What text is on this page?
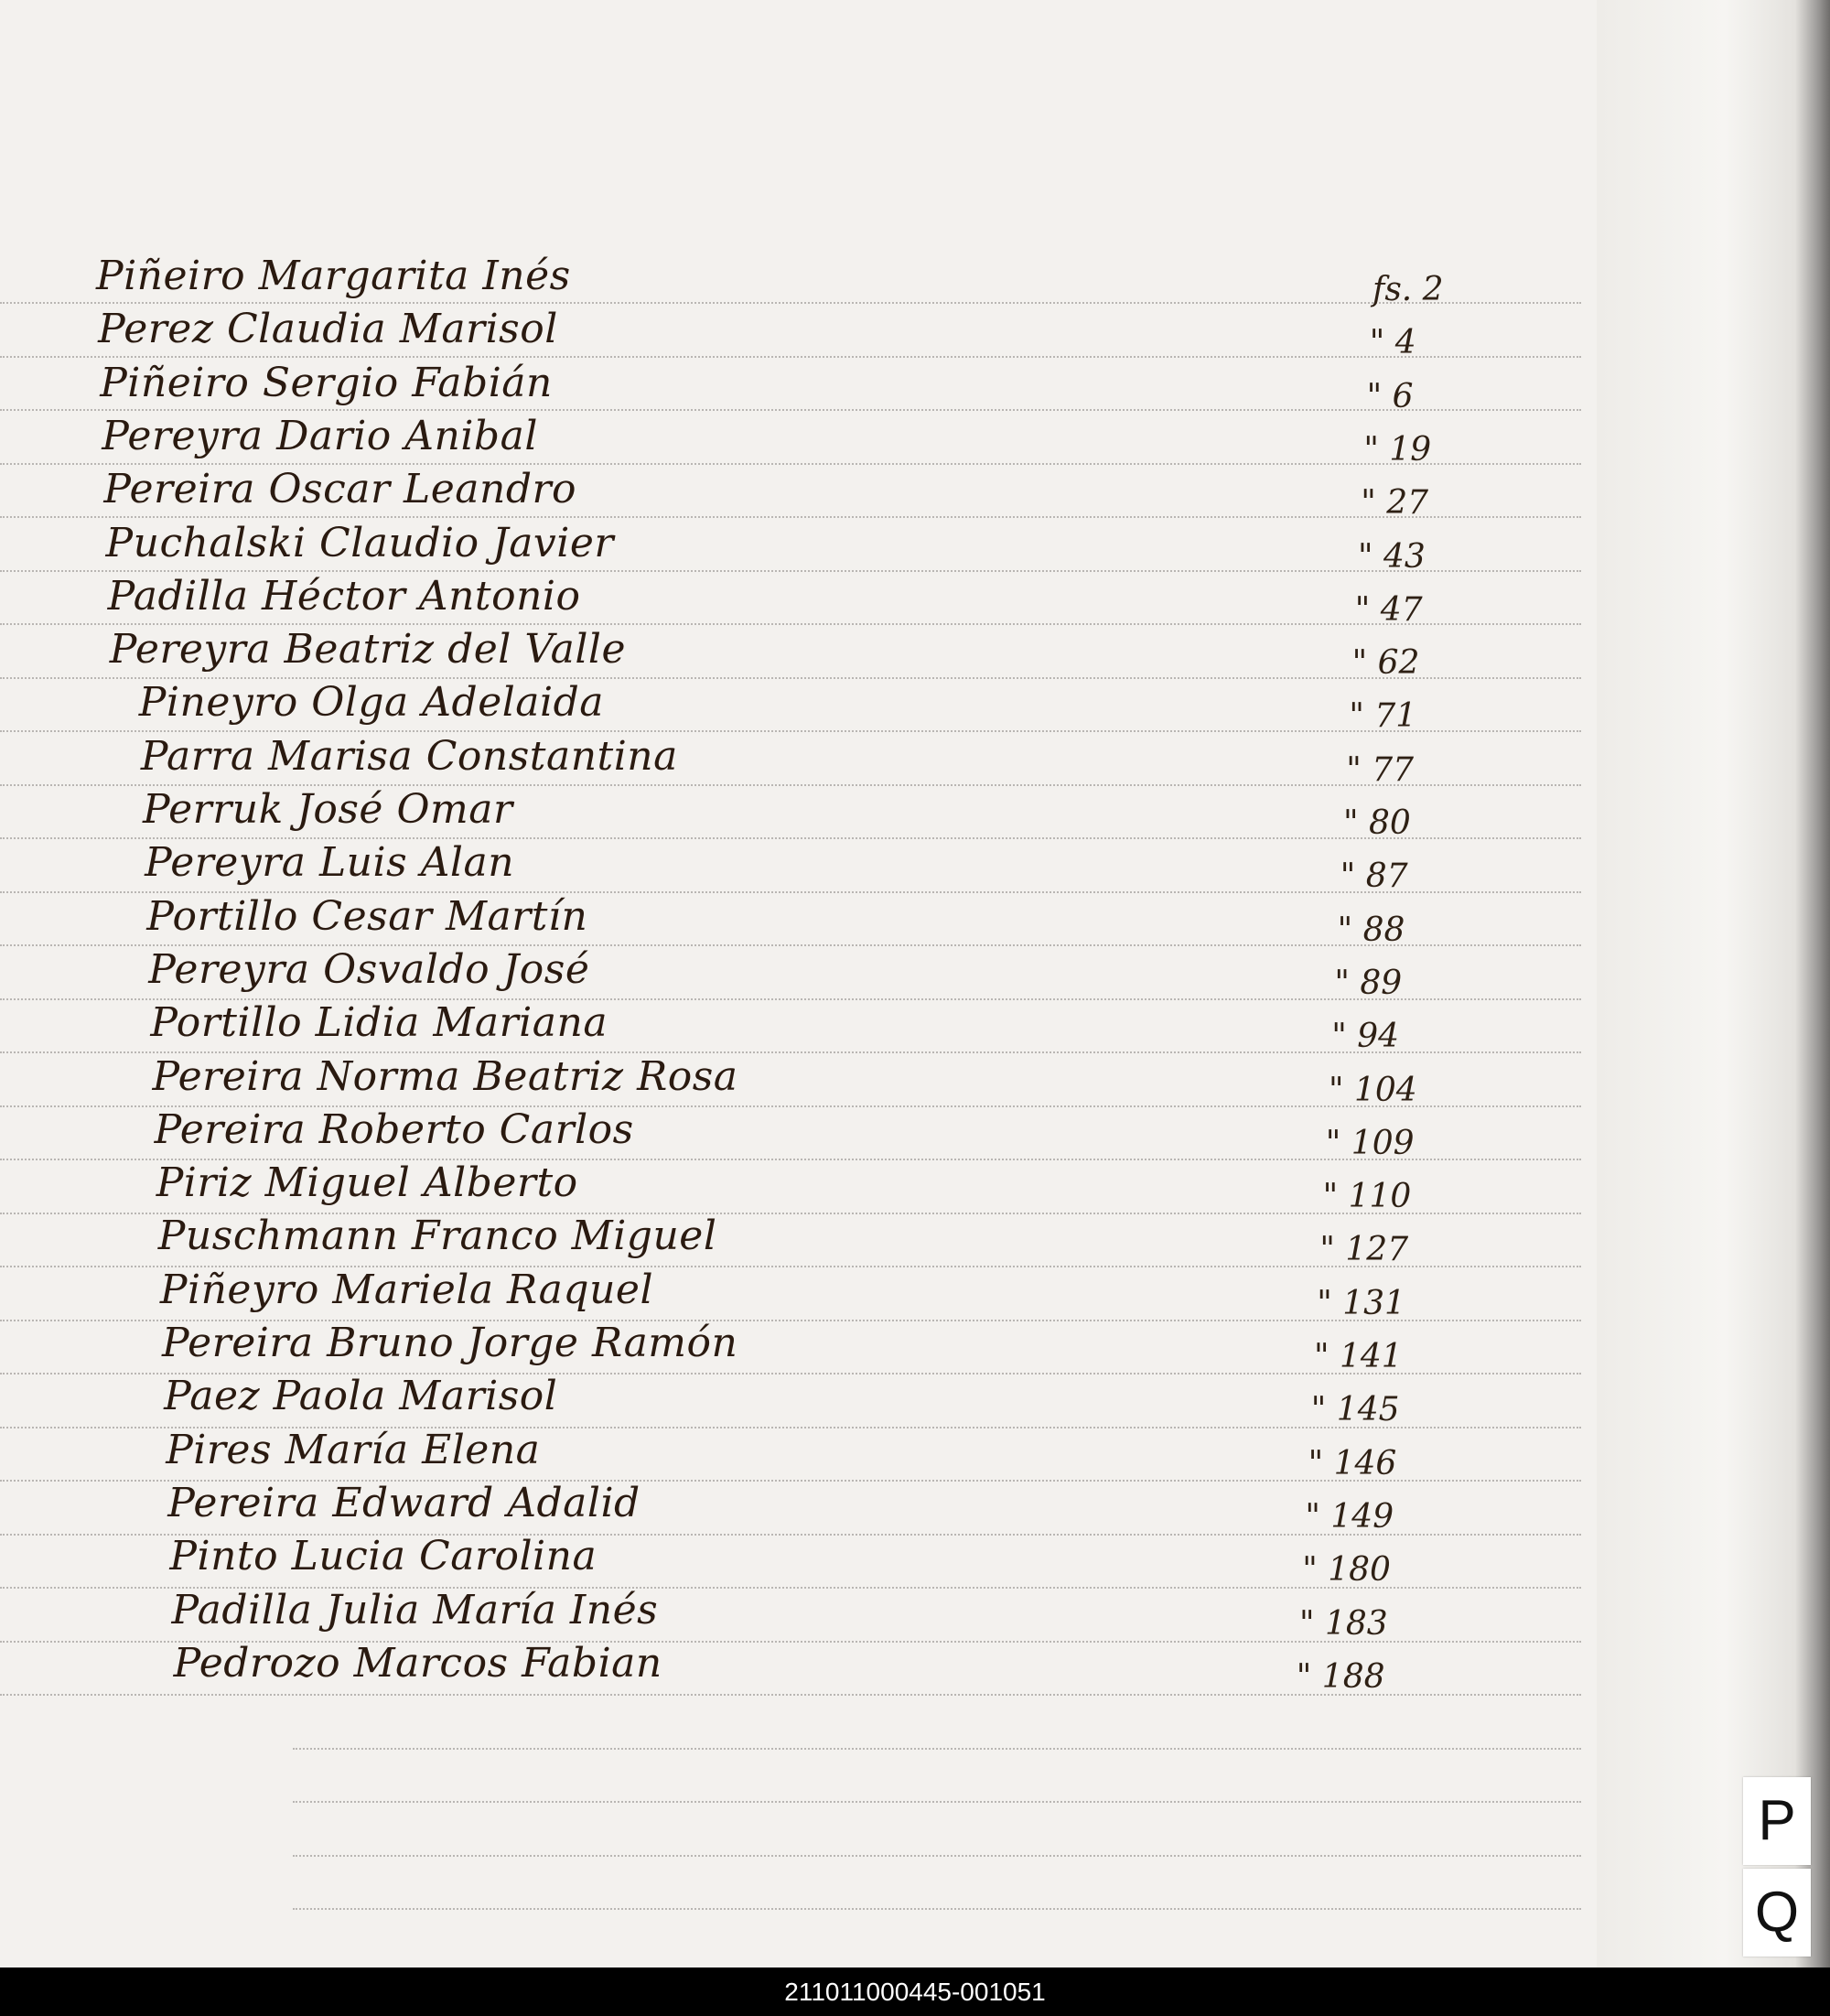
Piñeiro Margarita Inés	fs. 2
Perez Claudia Marisol	" 4
Piñeiro Sergio Fabián	" 6
Pereyra Dario Anibal	" 19
Pereira Oscar Leandro	" 27
Puchalski Claudio Javier	" 43
Padilla Héctor Antonio	" 47
Pereyra Beatriz del Valle	" 62
Pineyro Olga Adelaida	" 71
Parra Marisa Constantina	" 77
Perruk José Omar	" 80
Pereyra Luis Alan	" 87
Portillo Cesar Martín	" 88
Pereyra Osvaldo José	" 89
Portillo Lidia Mariana	" 94
Pereira Norma Beatriz Rosa	" 104
Pereira Roberto Carlos	" 109
Piriz Miguel Alberto	" 110
Puschmann Franco Miguel	" 127
Piñeyro Mariela Raquel	" 131
Pereira Bruno Jorge Ramón	" 141
Paez Paola Marisol	" 145
Pires María Elena	" 146
Pereira Edward Adalid	" 149
Pinto Lucia Carolina	" 180
Padilla Julia María Inés	" 183
Pedrozo Marcos Fabian	" 188
P
Q
211011000445-001051
